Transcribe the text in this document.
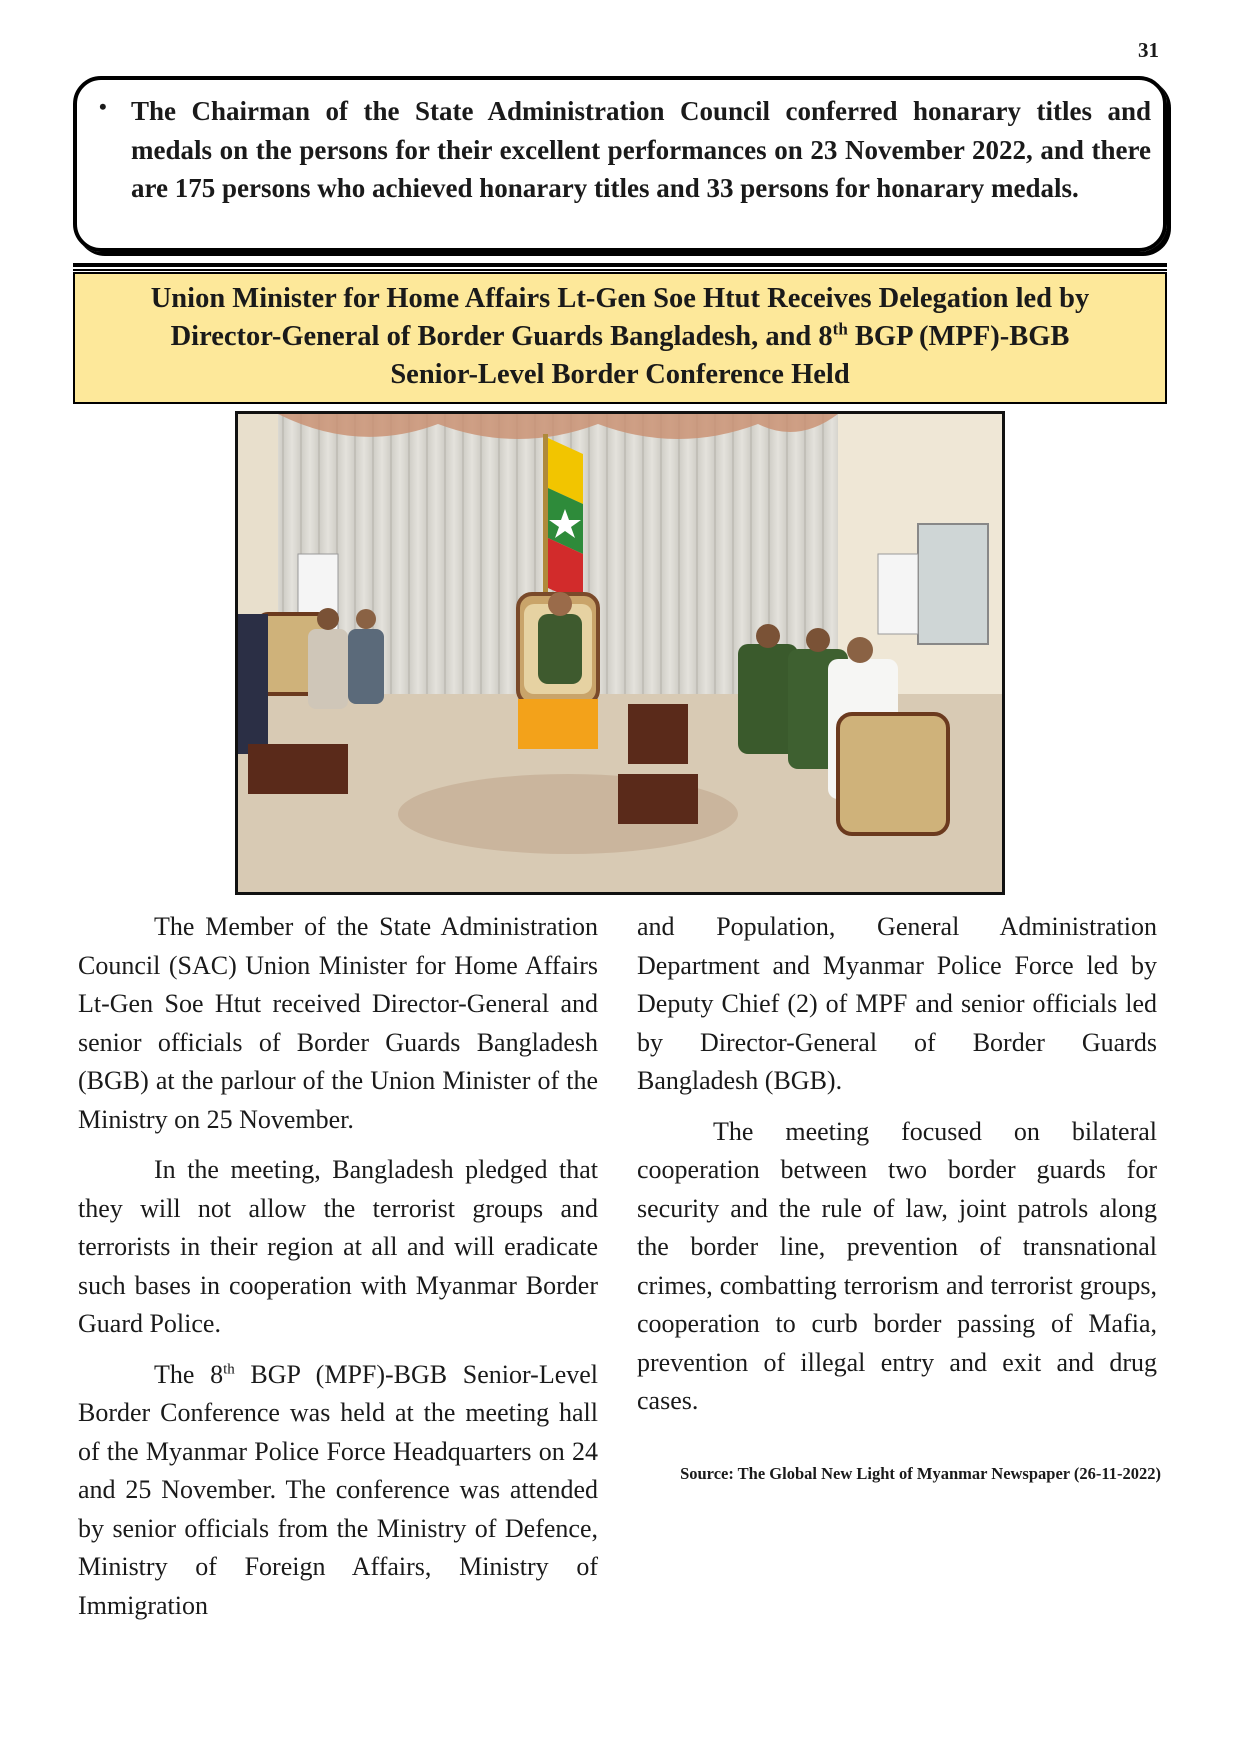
31
• The Chairman of the State Administration Council conferred honarary titles and medals on the persons for their excellent performances on 23 November 2022, and there are 175 persons who achieved honarary titles and 33 persons for honarary medals.
Union Minister for Home Affairs Lt-Gen Soe Htut Receives Delegation led by
Director-General of Border Guards Bangladesh, and 8th BGP (MPF)-BGB
Senior-Level Border Conference Held

The Member of the State Administration Council (SAC) Union Minister for Home Affairs Lt-Gen Soe Htut received Director-General and senior officials of Border Guards Bangladesh (BGB) at the parlour of the Union Minister of the Ministry on 25 November.

In the meeting, Bangladesh pledged that they will not allow the terrorist groups and terrorists in their region at all and will eradicate such bases in cooperation with Myanmar Border Guard Police.

The 8th BGP (MPF)-BGB Senior-Level Border Conference was held at the meeting hall of the Myanmar Police Force Headquarters on 24 and 25 November. The conference was attended by senior officials from the Ministry of Defence, Ministry of Foreign Affairs, Ministry of Immigration

and Population, General Administration Department and Myanmar Police Force led by Deputy Chief (2) of MPF and senior officials led by Director-General of Border Guards Bangladesh (BGB).

The meeting focused on bilateral cooperation between two border guards for security and the rule of law, joint patrols along the border line, prevention of transnational crimes, combatting terrorism and terrorist groups, cooperation to curb border passing of Mafia, prevention of illegal entry and exit and drug cases.

Source: The Global New Light of Myanmar Newspaper (26-11-2022)
